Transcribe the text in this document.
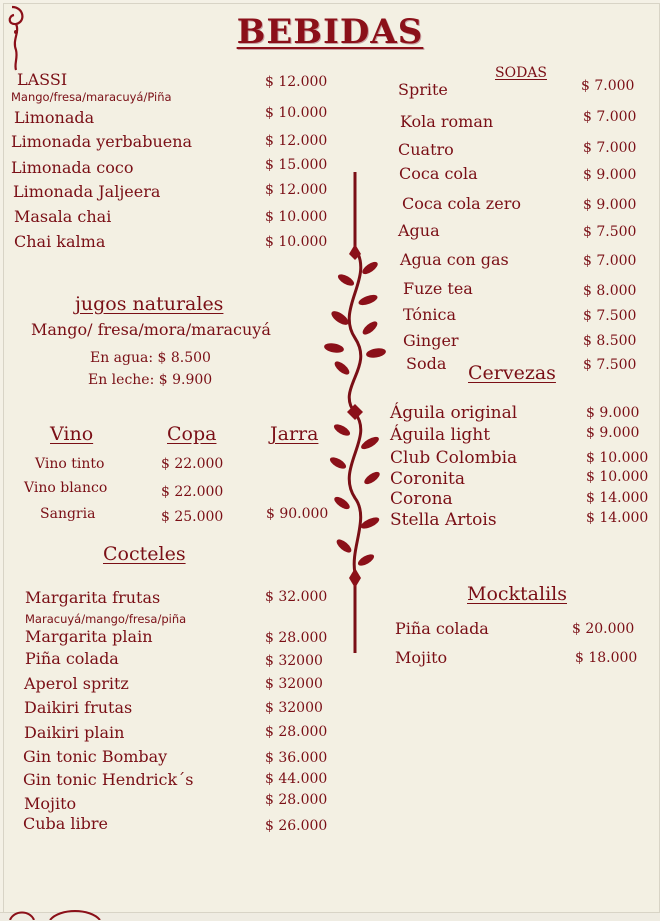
BEBIDAS
LASSI
Mango/fresa/maracuyá/Piña
$ 12.000
Limonada	$ 10.000
Limonada yerbabuena	$ 12.000
Limonada coco	$ 15.000
Limonada Jaljeera	$ 12.000
Masala chai	$ 10.000
Chai kalma	$ 10.000
jugos naturales
Mango/ fresa/mora/maracuyá
En agua: $ 8.500
En leche: $ 9.900
Vino	Copa	Jarra
Vino tinto	$ 22.000
Vino blanco	$ 22.000
Sangria	$ 25.000	$ 90.000
Cocteles
Margarita frutas
Maracuyá/mango/fresa/piña
$ 32.000
Margarita plain	$ 28.000
Piña colada	$ 32000
Aperol spritz	$ 32000
Daikiri frutas	$ 32000
Daikiri plain	$ 28.000
Gin tonic Bombay	$ 36.000
Gin tonic Hendrick´s	$ 44.000
Mojito	$ 28.000
Cuba libre	$ 26.000
SODAS
Sprite	$ 7.000
Kola roman	$ 7.000
Cuatro	$ 7.000
Coca cola	$ 9.000
Coca cola zero	$ 9.000
Agua	$ 7.500
Agua con gas	$ 7.000
Fuze tea	$ 8.000
Tónica	$ 7.500
Ginger	$ 8.500
Soda	$ 7.500
Cervezas
Águila original	$ 9.000
Águila light	$ 9.000
Club Colombia	$ 10.000
Coronita	$ 10.000
Corona	$ 14.000
Stella Artois	$ 14.000
Mocktalils
Piña colada	$ 20.000
Mojito	$ 18.000
